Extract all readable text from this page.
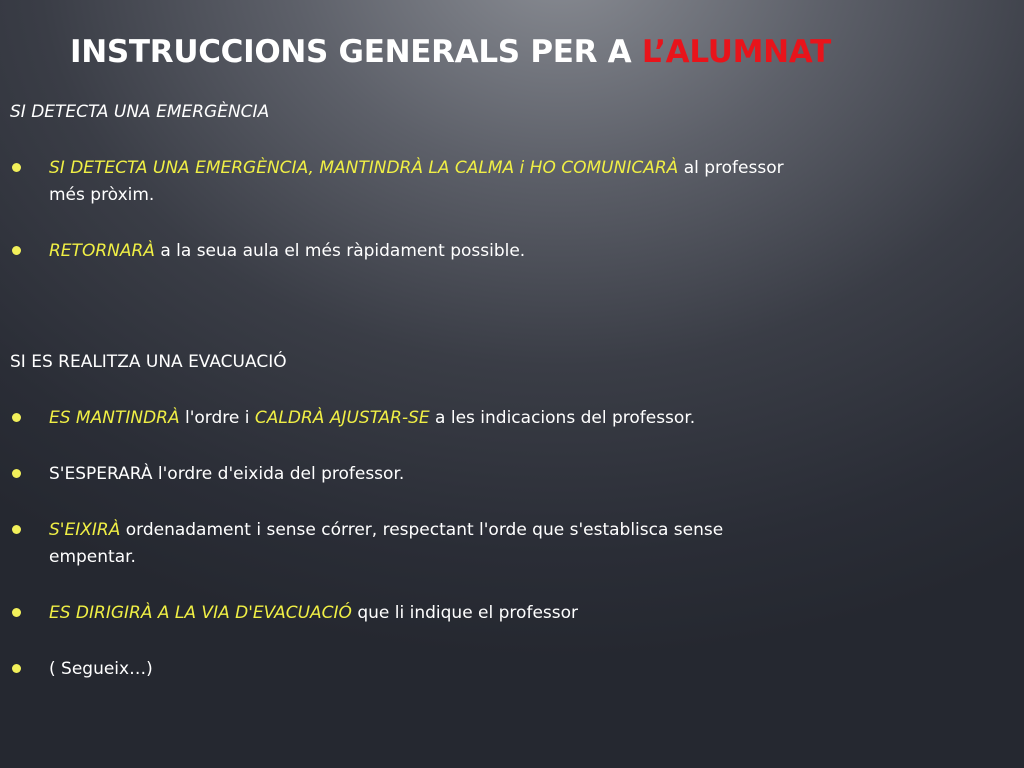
INSTRUCCIONS GENERALS PER A L’ALUMNAT
SI DETECTA UNA EMERGÈNCIA
SI DETECTA UNA EMERGÈNCIA, MANTINDRÀ LA CALMA i HO COMUNICARÀ al professor més pròxim.
RETORNARÀ a la seua aula el més ràpidament possible.
SI ES REALITZA UNA EVACUACIÓ
ES MANTINDRÀ l'ordre i CALDRÀ AJUSTAR-SE a les indicacions del professor.
S'ESPERARÀ l'ordre d'eixida del professor.
S'EIXIRÀ ordenadament i sense córrer, respectant l'orde que s'establisca sense empentar.
ES DIRIGIRÀ A LA VIA D'EVACUACIÓ que li indique el professor
( Segueix…)
